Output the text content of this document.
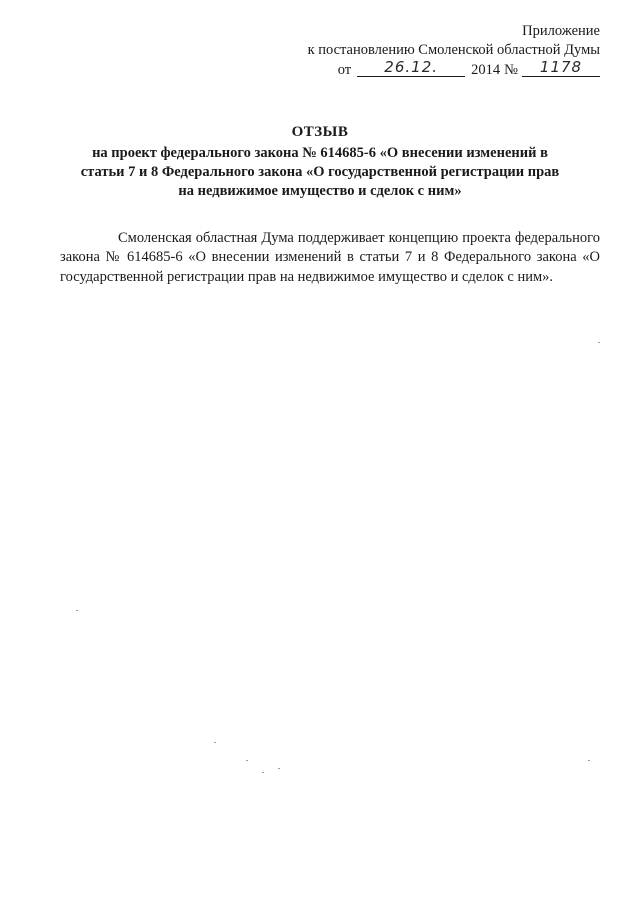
Приложение
к постановлению Смоленской областной Думы
от	26.12.	2014 №	1178
ОТЗЫВ
на проект федерального закона № 614685-6 «О внесении изменений в
статьи 7 и 8 Федерального закона «О государственной регистрации прав
на недвижимое имущество и сделок с ним»

Смоленская областная Дума поддерживает концепцию проекта федерального закона № 614685-6 «О внесении изменений в статьи 7 и 8 Федерального закона «О государственной регистрации прав на недвижимое имущество и сделок с ним».
